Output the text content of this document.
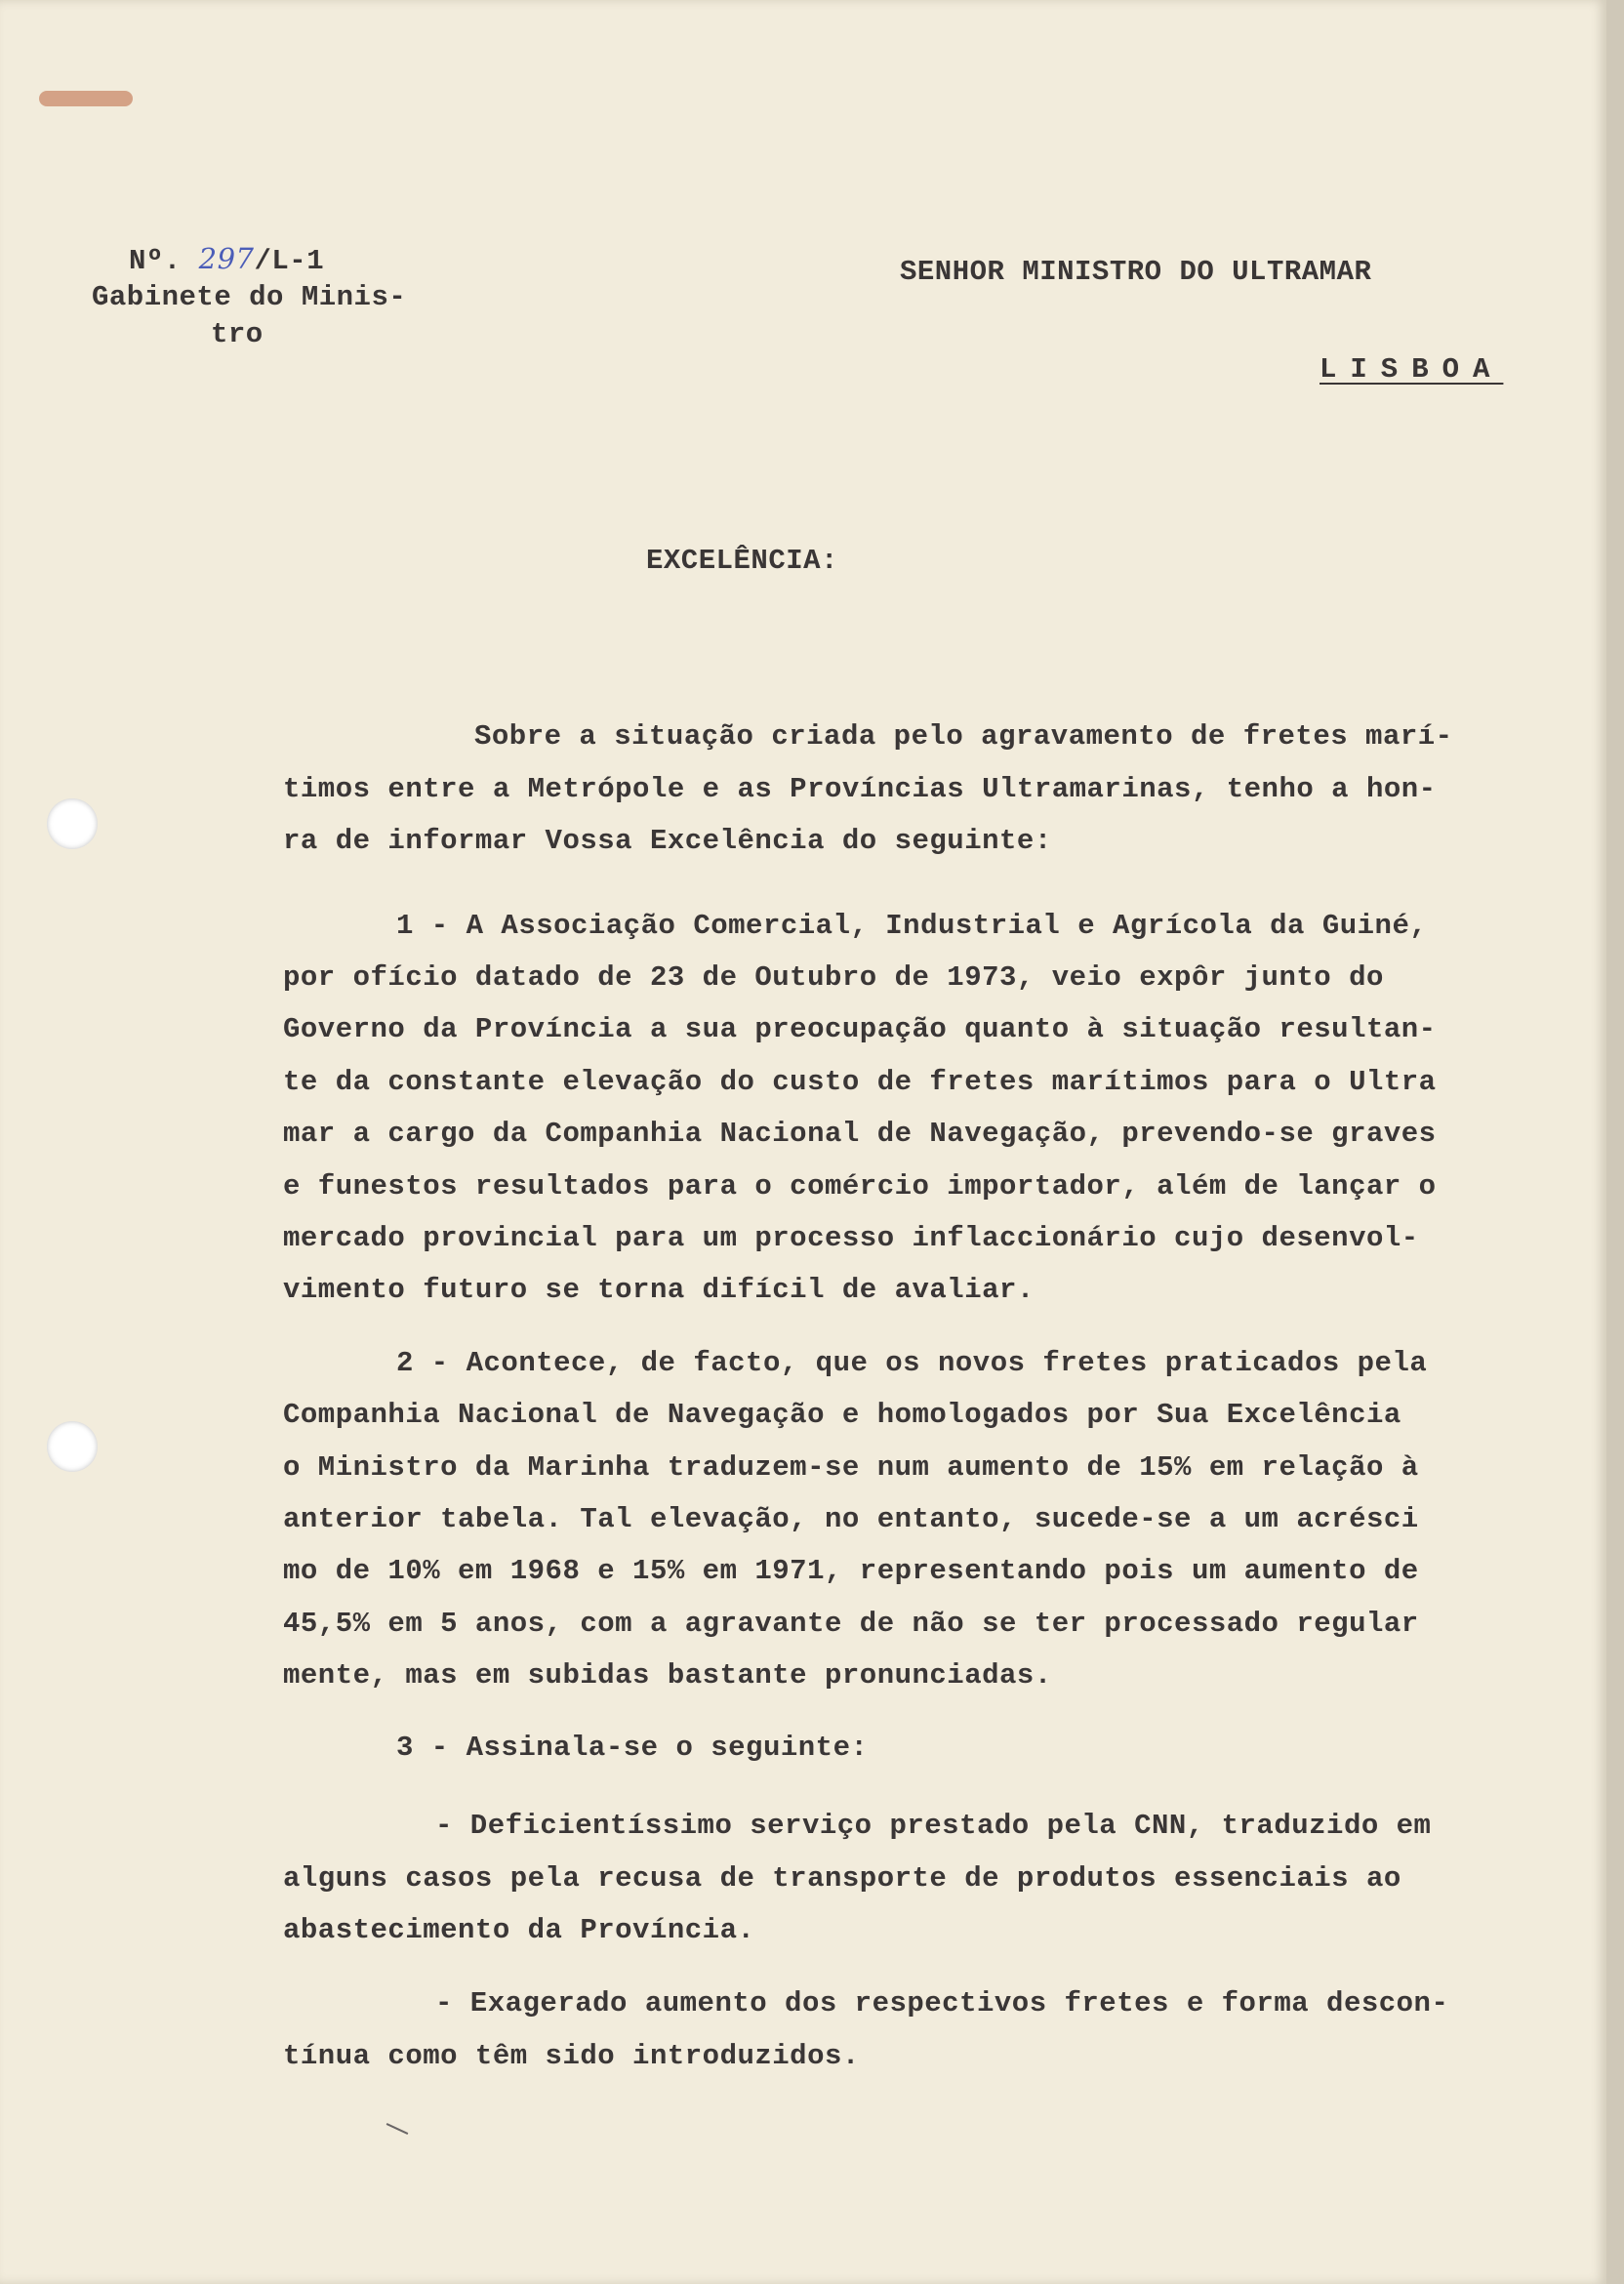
Nº. 297/L-1
Gabinete do Minis-
tro
SENHOR MINISTRO DO ULTRAMAR
LISBOA
EXCELÊNCIA:
Sobre a situação criada pelo agravamento de fretes marí-
timos entre a Metrópole e as Províncias Ultramarinas, tenho a hon-
ra de informar Vossa Excelência do seguinte:
1 - A Associação Comercial, Industrial e Agrícola da Guiné,
por ofício datado de 23 de Outubro de 1973, veio expôr junto do
Governo da Província a sua preocupação quanto à situação resultan-
te da constante elevação do custo de fretes marítimos para o Ultra
mar a cargo da Companhia Nacional de Navegação, prevendo-se graves
e funestos resultados para o comércio importador, além de lançar o
mercado provincial para um processo inflaccionário cujo desenvol-
vimento futuro se torna difícil de avaliar.
2 - Acontece, de facto, que os novos fretes praticados pela
Companhia Nacional de Navegação e homologados por Sua Excelência
o Ministro da Marinha traduzem-se num aumento de 15% em relação à
anterior tabela. Tal elevação, no entanto, sucede-se a um acrésci
mo de 10% em 1968 e 15% em 1971, representando pois um aumento de
45,5% em 5 anos, com a agravante de não se ter processado regular
mente, mas em subidas bastante pronunciadas.
3 - Assinala-se o seguinte:
- Deficientíssimo serviço prestado pela CNN, traduzido em
alguns casos pela recusa de transporte de produtos essenciais ao
abastecimento da Província.
- Exagerado aumento dos respectivos fretes e forma descon-
tínua como têm sido introduzidos.
